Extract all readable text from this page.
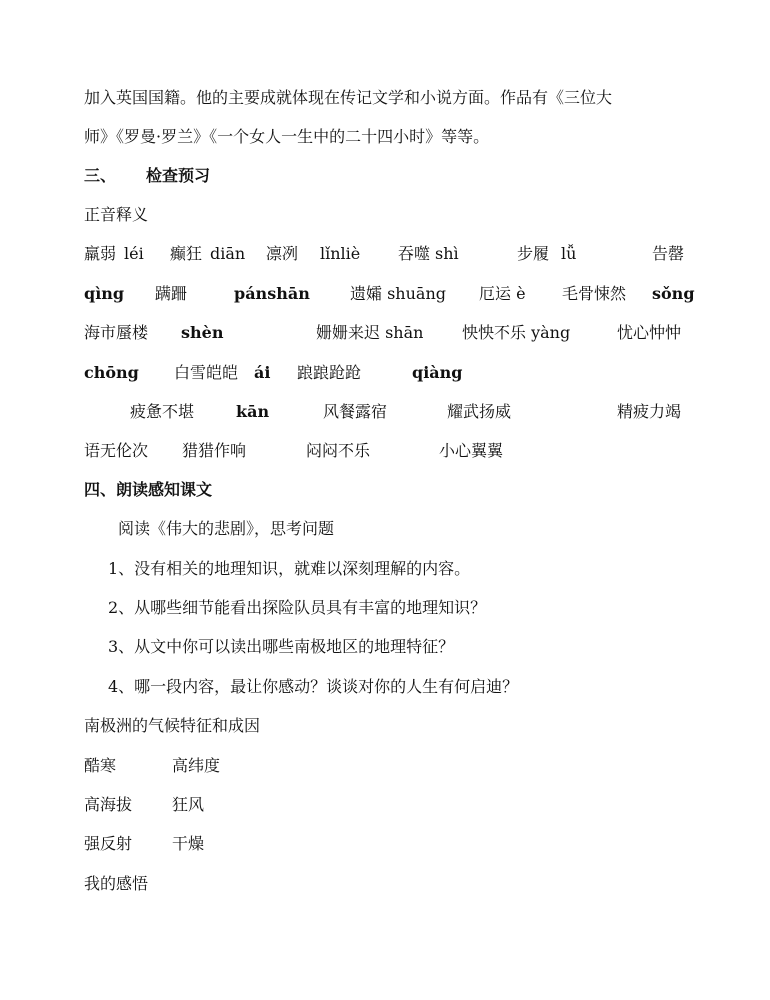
加入英国国籍。他的主要成就体现在传记文学和小说方面。作品有《三位大
师》《罗曼·罗兰》《一个女人一生中的二十四小时》等等。
三、 检查预习
正音释义
羸弱 léi 癫狂 diān 凛冽 lǐnliè 吞噬 shì	步履 lǚ	告罄
qìng 蹒跚	pánshān	遗孀 shuāng 厄运 è 毛骨悚然 sǒng
海市蜃楼 shèn	姗姗来迟 shān 怏怏不乐 yàng	忧心忡忡
chōng 白雪皑皑 ái 踉踉跄跄	qiàng
疲惫不堪	kān	风餐露宿	耀武扬威	精疲力竭
语无伦次 猎猎作响	闷闷不乐	小心翼翼
四、朗读感知课文
阅读《伟大的悲剧》，思考问题
1、没有相关的地理知识，就难以深刻理解的内容。
2、从哪些细节能看出探险队员具有丰富的地理知识？
3、从文中你可以读出哪些南极地区的地理特征？
4、哪一段内容，最让你感动？谈谈对你的人生有何启迪？
南极洲的气候特征和成因
酷寒	高纬度
高海拔 狂风
强反射 干燥
我的感悟
